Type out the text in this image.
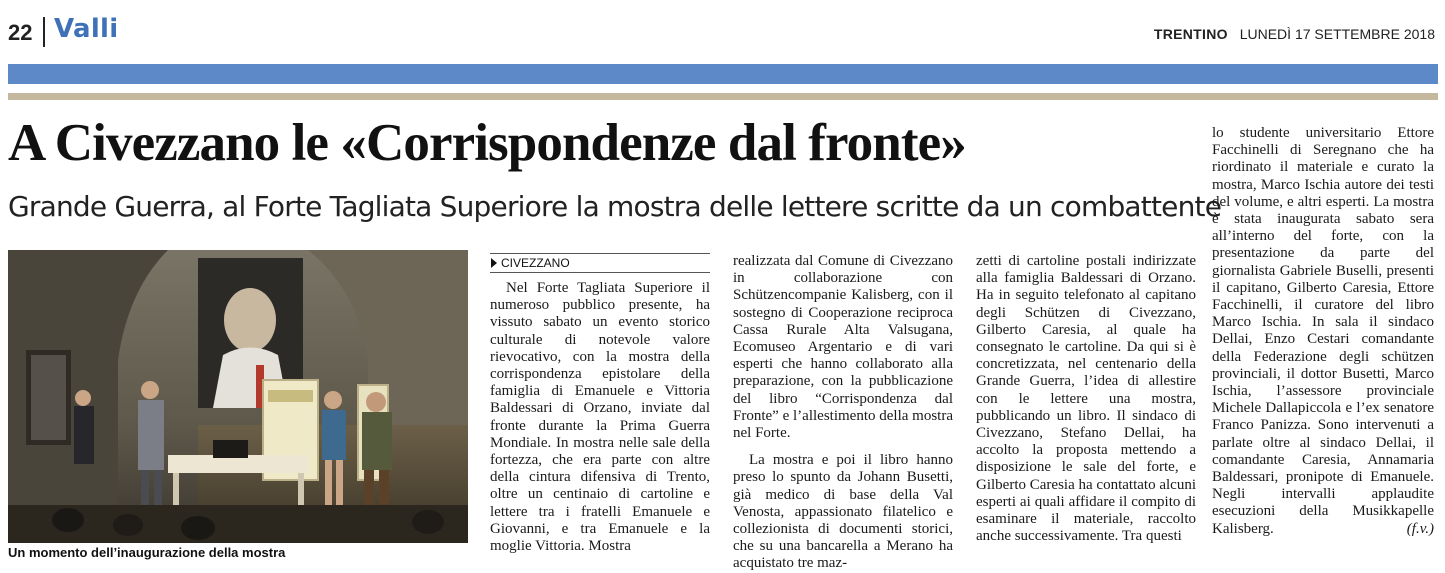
22 Valli	TRENTINO LUNEDÌ 17 SETTEMBRE 2018
A Civezzano le «Corrispondenze dal fronte»
Grande Guerra, al Forte Tagliata Superiore la mostra delle lettere scritte da un combattente
Un momento dell’inaugurazione della mostra
CIVEZZANO

Nel Forte Tagliata Superiore il numeroso pubblico presente, ha vissuto sabato un evento storico culturale di notevole valore rievocativo, con la mostra della corrispondenza epistolare della famiglia di Emanuele e Vittoria Baldessari di Orzano, inviate dal fronte durante la Prima Guerra Mondiale. In mostra nelle sale della fortezza, che era parte con altre della cintura difensiva di Trento, oltre un centinaio di cartoline e lettere tra i fratelli Emanuele e Giovanni, e tra Emanuele e la moglie Vittoria. Mostra

realizzata dal Comune di Civezzano in collaborazione con Schützencompanie Kalisberg, con il sostegno di Cooperazione reciproca Cassa Rurale Alta Valsugana, Ecomuseo Argentario e di vari esperti che hanno collaborato alla preparazione, con la pubblicazione del libro “Corrispondenza dal Fronte” e l’allestimento della mostra nel Forte.

La mostra e poi il libro hanno preso lo spunto da Johann Busetti, già medico di base della Val Venosta, appassionato filatelico e collezionista di documenti storici, che su una bancarella a Merano ha acquistato tre maz-

zetti di cartoline postali indirizzate alla famiglia Baldessari di Orzano. Ha in seguito telefonato al capitano degli Schützen di Civezzano, Gilberto Caresia, al quale ha consegnato le cartoline. Da qui si è concretizzata, nel centenario della Grande Guerra, l’idea di allestire con le lettere una mostra, pubblicando un libro. Il sindaco di Civezzano, Stefano Dellai, ha accolto la proposta mettendo a disposizione le sale del forte, e Gilberto Caresia ha contattato alcuni esperti ai quali affidare il compito di esaminare il materiale, raccolto anche successivamente. Tra questi

lo studente universitario Ettore Facchinelli di Seregnano che ha riordinato il materiale e curato la mostra, Marco Ischia autore dei testi del volume, e altri esperti. La mostra è stata inaugurata sabato sera all’interno del forte, con la presentazione da parte del giornalista Gabriele Buselli, presenti il capitano, Gilberto Caresia, Ettore Facchinelli, il curatore del libro Marco Ischia. In sala il sindaco Dellai, Enzo Cestari comandante della Federazione degli schützen provinciali, il dottor Busetti, Marco Ischia, l’assessore provinciale Michele Dallapiccola e l’ex senatore Franco Panizza. Sono intervenuti a parlate oltre al sindaco Dellai, il comandante Caresia, Annamaria Baldessari, pronipote di Emanuele. Negli intervalli applaudite esecuzioni della Musikkapelle Kalisberg.	(f.v.)
